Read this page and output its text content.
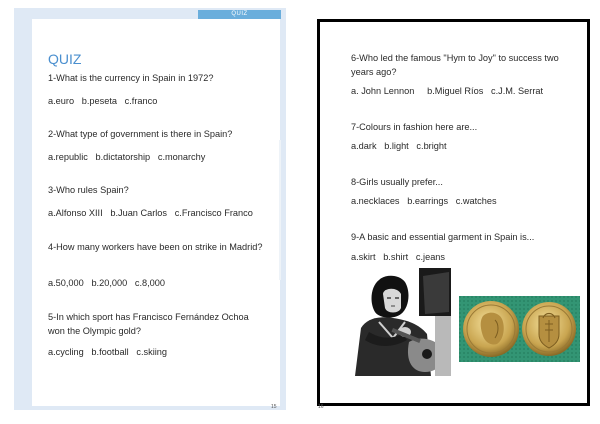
QUIZ
QUIZ
1-What is the currency in Spain in 1972?
a.euro b.peseta c.franco
2-What type of government is there in Spain?
a.republic b.dictatorship c.monarchy
3-Who rules Spain?
a.Alfonso XIII b.Juan Carlos c.Francisco Franco
4-How many workers have been on strike in Madrid?
a.50,000 b.20,000 c.8,000
5-In which sport has Francisco Fernández Ochoa won the Olympic gold?
a.cycling b.football c.skiing
15	16
6-Who led the famous "Hym to Joy" to success two years ago?
a. John Lennon b.Miguel Ríos c.J.M. Serrat
7-Colours in fashion here are...
a.dark b.light c.bright
8-Girls usually prefer...
a.necklaces b.earrings c.watches
9-A basic and essential garment in Spain is...
a.skirt b.shirt c.jeans
